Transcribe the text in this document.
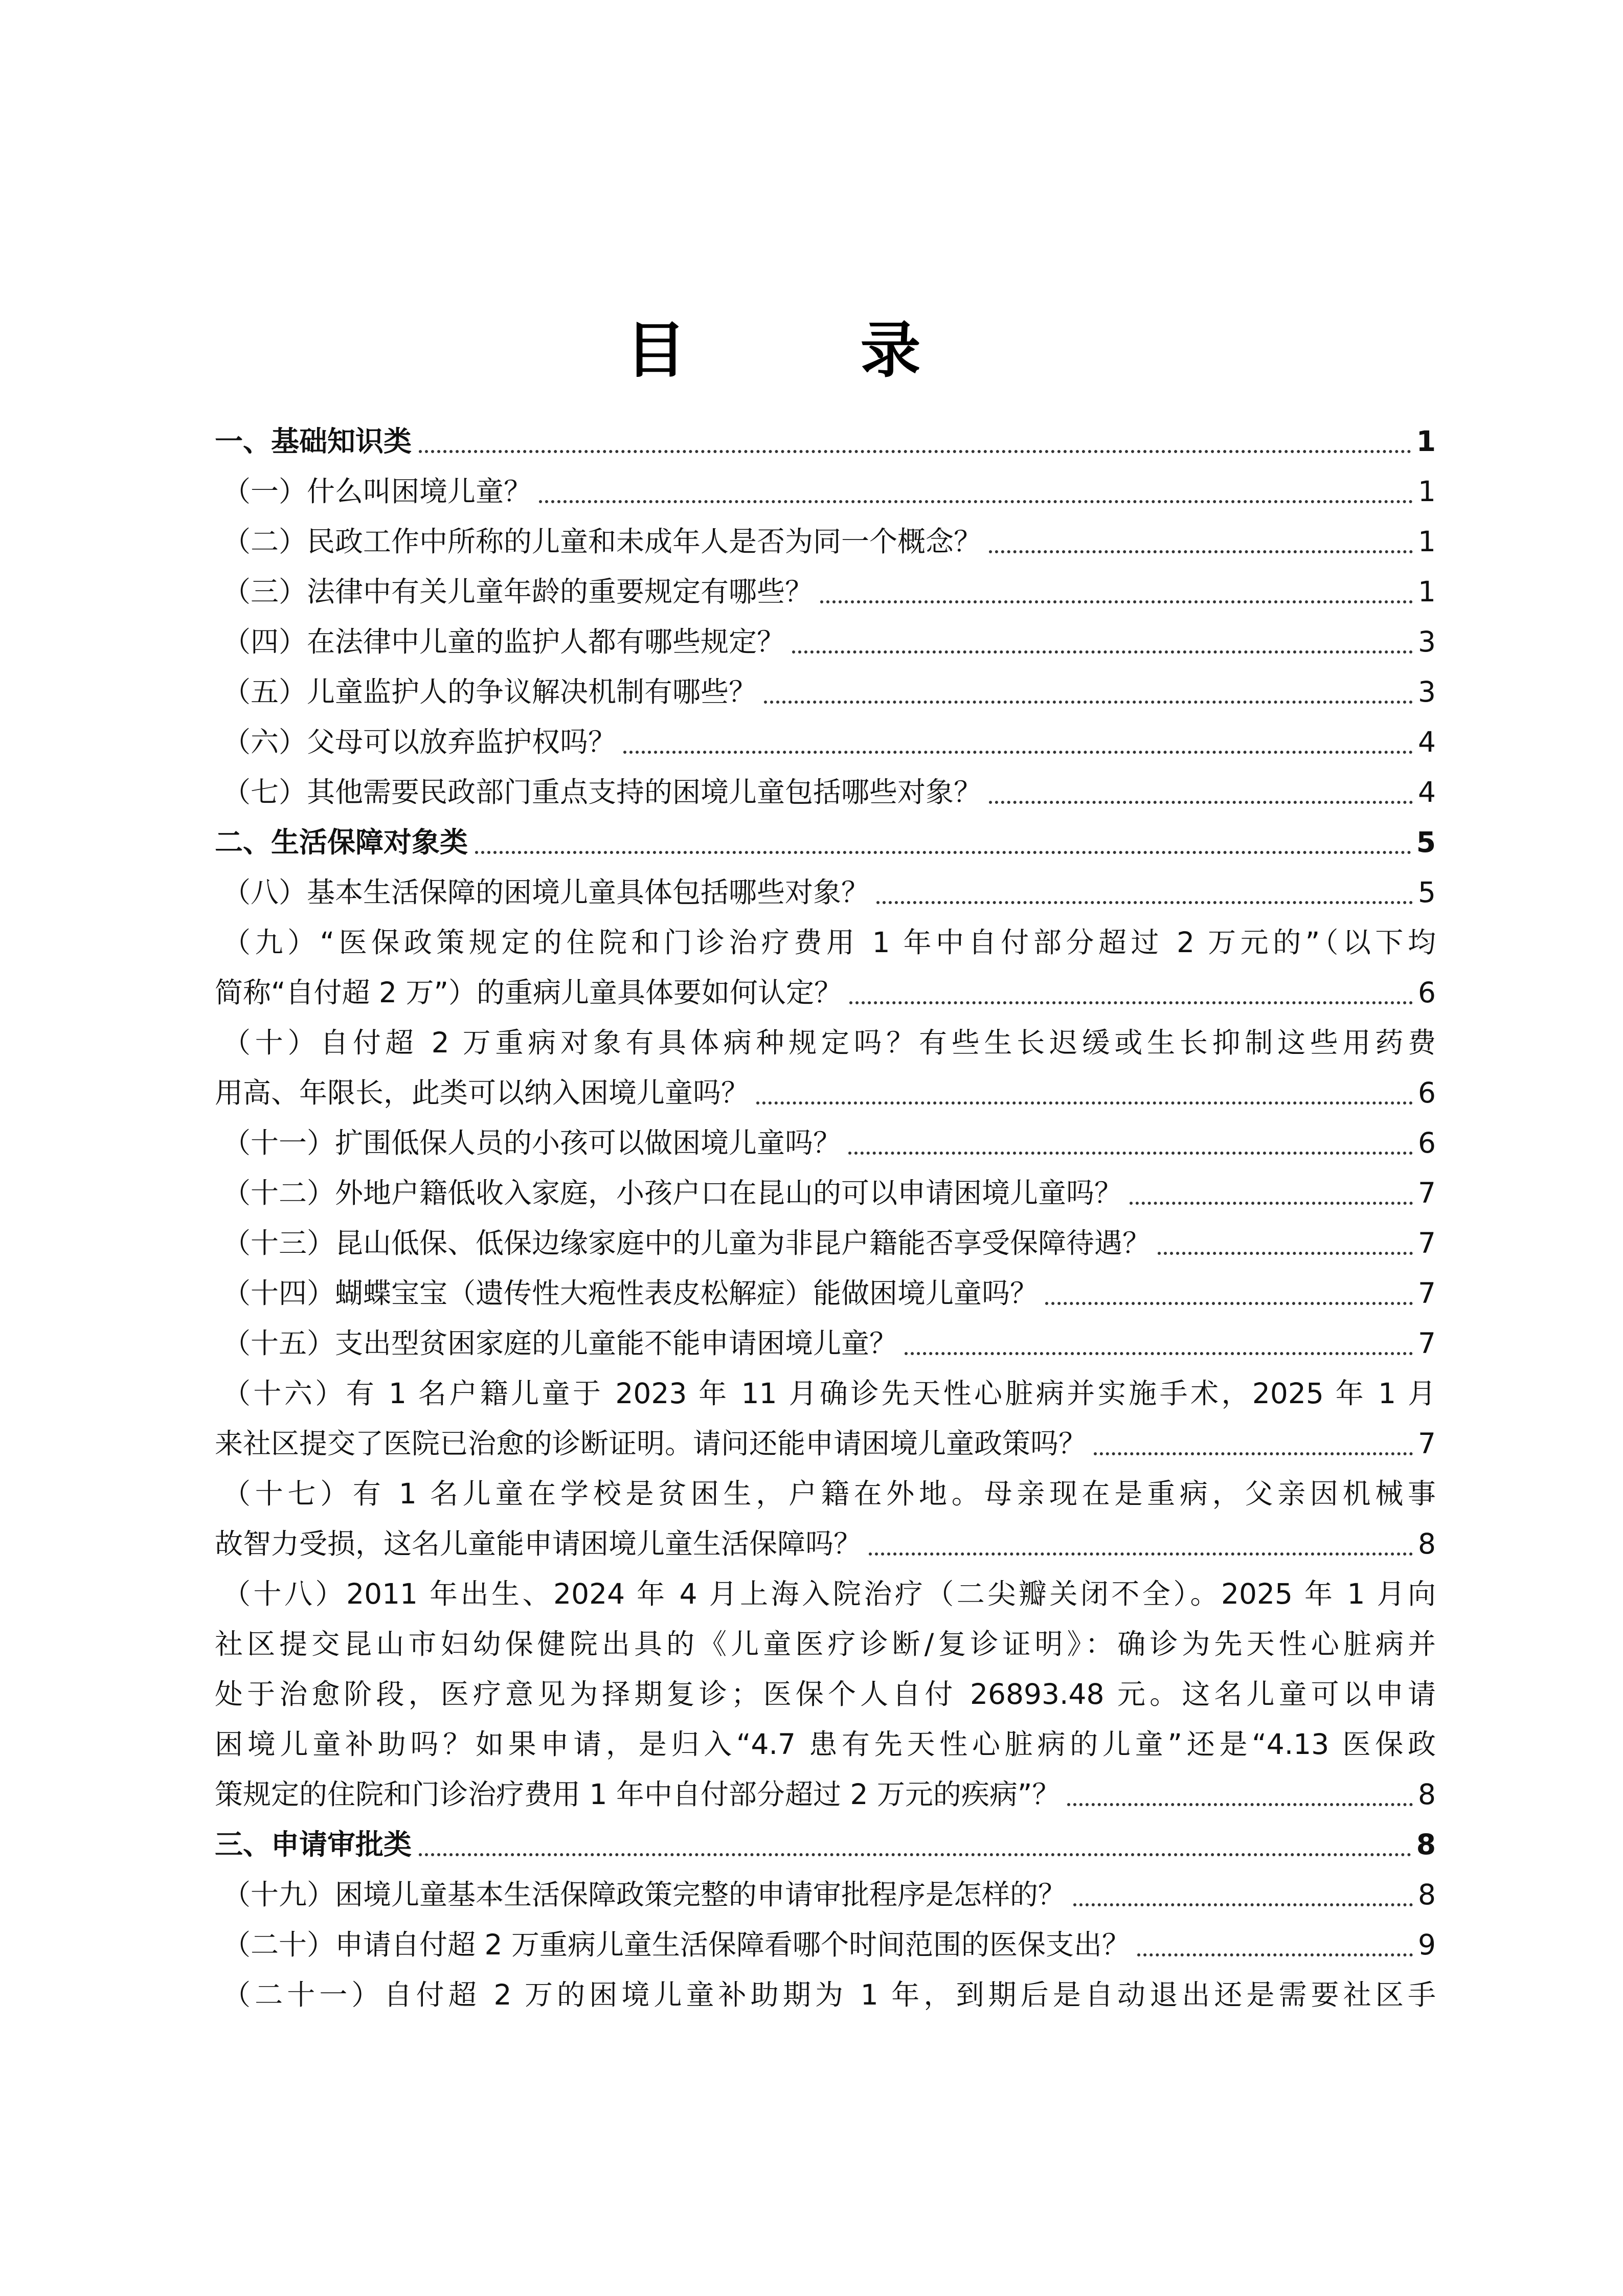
目 录
一、基础知识类	1
（一）什么叫困境儿童？	1
（二）民政工作中所称的儿童和未成年人是否为同一个概念？	1
（三）法律中有关儿童年龄的重要规定有哪些？	1
（四）在法律中儿童的监护人都有哪些规定？	3
（五）儿童监护人的争议解决机制有哪些？	3
（六）父母可以放弃监护权吗？	4
（七）其他需要民政部门重点支持的困境儿童包括哪些对象？	4
二、生活保障对象类	5
（八）基本生活保障的困境儿童具体包括哪些对象？	5
（九）“医保政策规定的住院和门诊治疗费用 1 年中自付部分超过 2 万元的”（以下均
简称“自付超 2 万”）的重病儿童具体要如何认定？	6
（十）自付超 2 万重病对象有具体病种规定吗？有些生长迟缓或生长抑制这些用药费
用高、年限长，此类可以纳入困境儿童吗？	6
（十一）扩围低保人员的小孩可以做困境儿童吗？	6
（十二）外地户籍低收入家庭，小孩户口在昆山的可以申请困境儿童吗？	7
（十三）昆山低保、低保边缘家庭中的儿童为非昆户籍能否享受保障待遇？	7
（十四）蝴蝶宝宝（遗传性大疱性表皮松解症）能做困境儿童吗？	7
（十五）支出型贫困家庭的儿童能不能申请困境儿童？	7
（十六）有 1 名户籍儿童于 2023 年 11 月确诊先天性心脏病并实施手术，2025 年 1 月
来社区提交了医院已治愈的诊断证明。请问还能申请困境儿童政策吗？	7
（十七）有 1 名儿童在学校是贫困生，户籍在外地。母亲现在是重病，父亲因机械事
故智力受损，这名儿童能申请困境儿童生活保障吗？	8
（十八）2011 年出生、2024 年 4 月上海入院治疗（二尖瓣关闭不全）。2025 年 1 月向
社区提交昆山市妇幼保健院出具的《儿童医疗诊断/复诊证明》：确诊为先天性心脏病并
处于治愈阶段，医疗意见为择期复诊；医保个人自付 26893.48 元。这名儿童可以申请
困境儿童补助吗？如果申请，是归入“4.7 患有先天性心脏病的儿童”还是“4.13 医保政
策规定的住院和门诊治疗费用 1 年中自付部分超过 2 万元的疾病”？	8
三、申请审批类	8
（十九）困境儿童基本生活保障政策完整的申请审批程序是怎样的？	8
（二十）申请自付超 2 万重病儿童生活保障看哪个时间范围的医保支出？	9
（二十一）自付超 2 万的困境儿童补助期为 1 年，到期后是自动退出还是需要社区手
